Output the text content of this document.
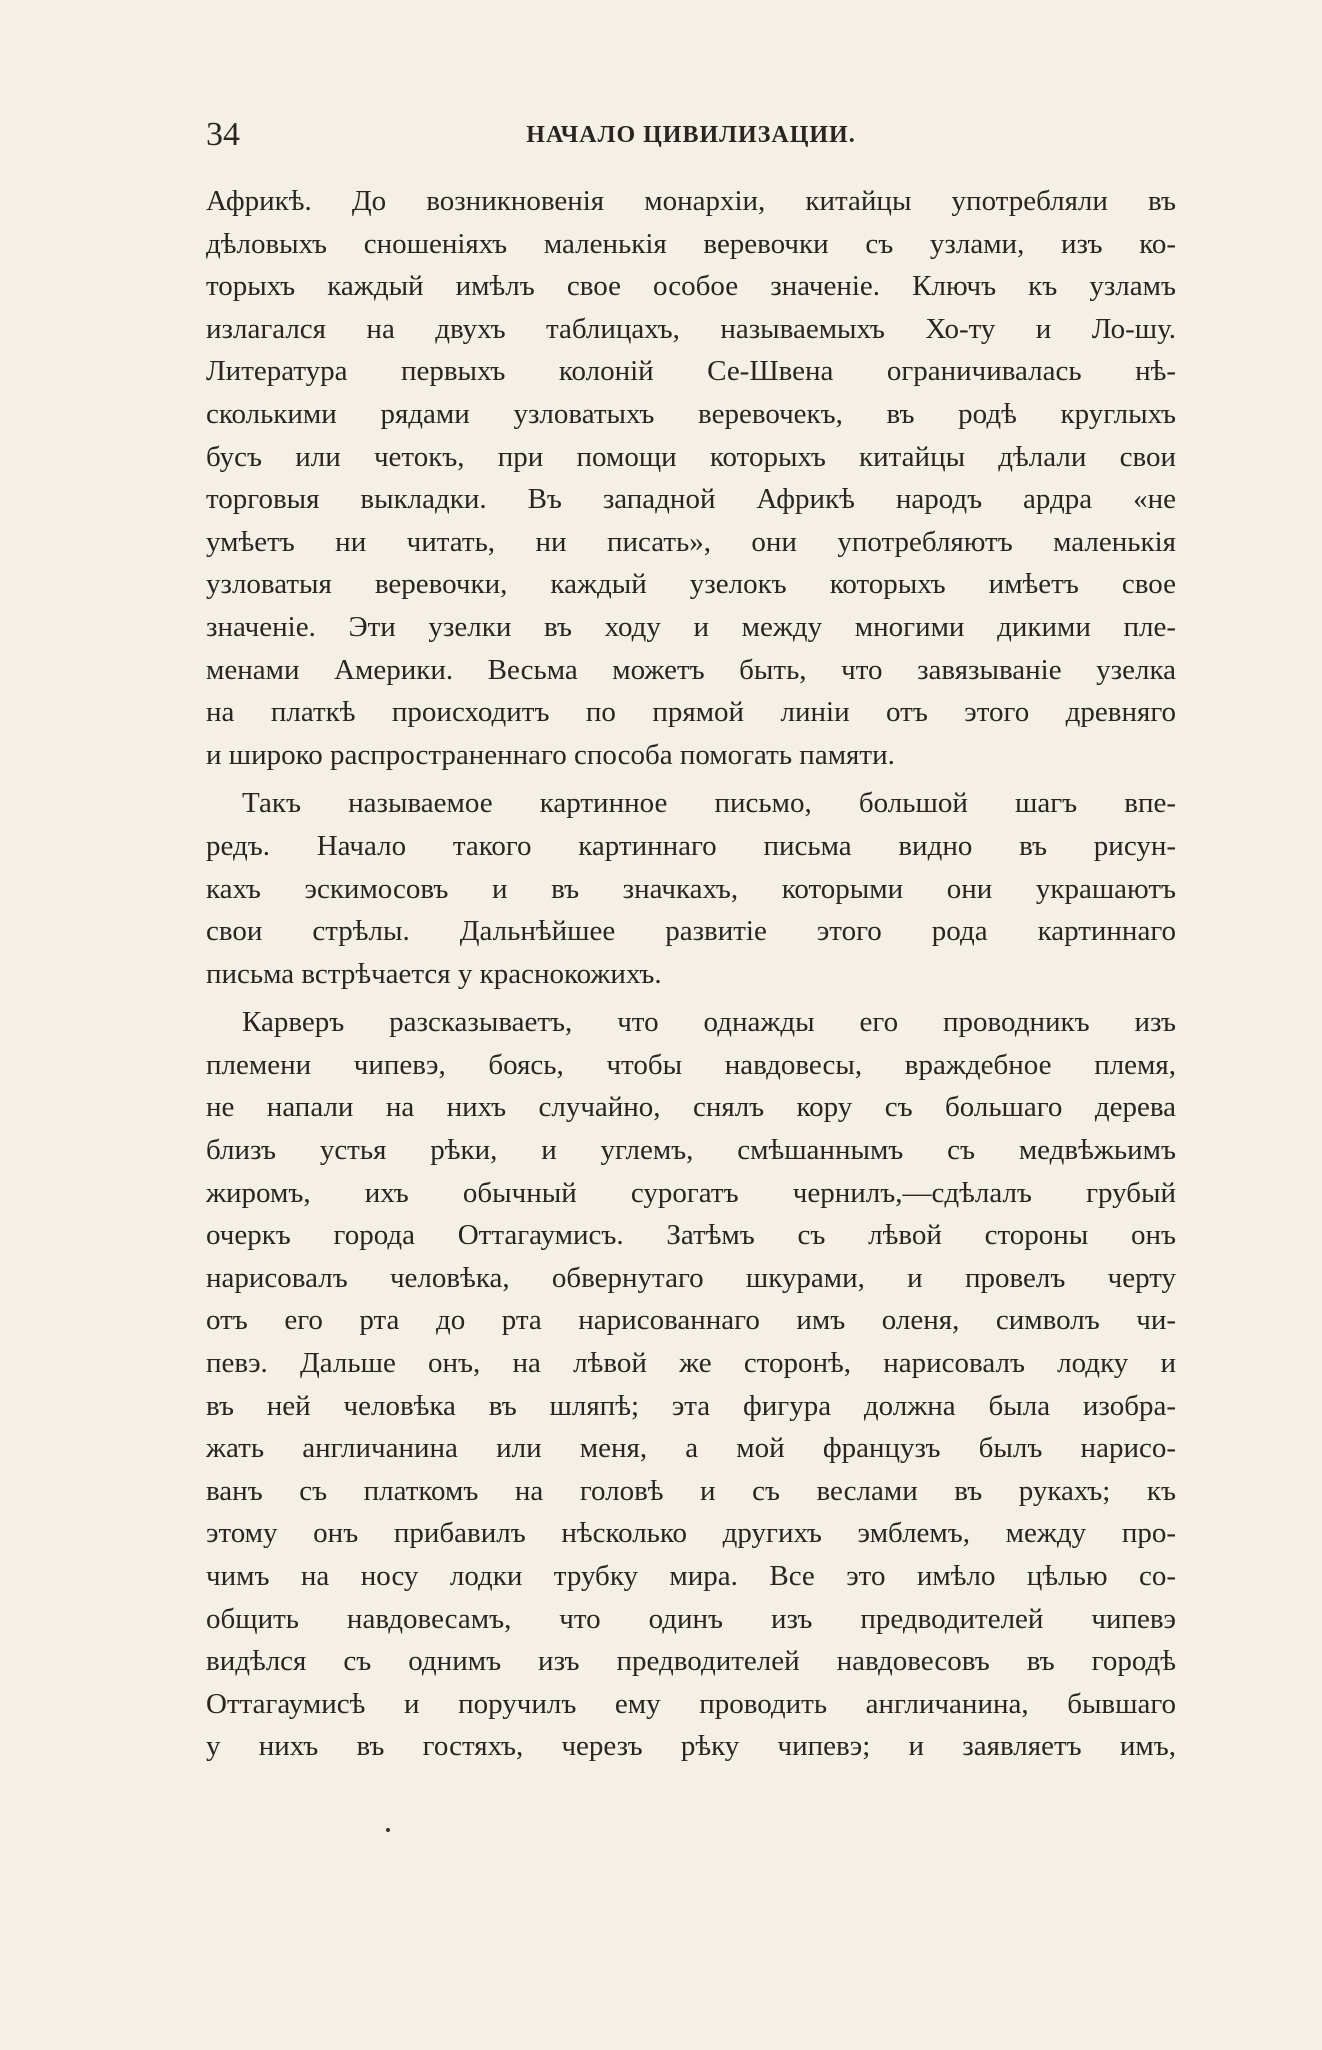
34	НАЧАЛО ЦИВИЛИЗАЦИИ.
Африкѣ. До возникновенія монархіи, китайцы употребляли въ
дѣловыхъ сношеніяхъ маленькія веревочки съ узлами, изъ ко-
торыхъ каждый имѣлъ свое особое значеніе. Ключъ къ узламъ
излагался на двухъ таблицахъ, называемыхъ Хо-ту и Ло-шу.
Литература первыхъ колоній Се-Швена ограничивалась нѣ-
сколькими рядами узловатыхъ веревочекъ, въ родѣ круглыхъ
бусъ или четокъ, при помощи которыхъ китайцы дѣлали свои
торговыя выкладки. Въ западной Африкѣ народъ ардра «не
умѣетъ ни читать, ни писать», они употребляютъ маленькія
узловатыя веревочки, каждый узелокъ которыхъ имѣетъ свое
значеніе. Эти узелки въ ходу и между многими дикими пле-
менами Америки. Весьма можетъ быть, что завязываніе узелка
на платкѣ происходитъ по прямой линіи отъ этого древняго
и широко распространеннаго способа помогать памяти.
Такъ называемое картинное письмо, большой шагъ впе-
редъ. Начало такого картиннаго письма видно въ рисун-
кахъ эскимосовъ и въ значкахъ, которыми они украшаютъ
свои стрѣлы. Дальнѣйшее развитіе этого рода картиннаго
письма встрѣчается у краснокожихъ.
Карверъ разсказываетъ, что однажды его проводникъ изъ
племени чипевэ, боясь, чтобы навдовесы, враждебное племя,
не напали на нихъ случайно, снялъ кору съ большаго дерева
близъ устья рѣки, и углемъ, смѣшаннымъ съ медвѣжьимъ
жиромъ, ихъ обычный сурогатъ чернилъ,—сдѣлалъ грубый
очеркъ города Оттагаумисъ. Затѣмъ съ лѣвой стороны онъ
нарисовалъ человѣка, обвернутаго шкурами, и провелъ черту
отъ его рта до рта нарисованнаго имъ оленя, символъ чи-
певэ. Дальше онъ, на лѣвой же сторонѣ, нарисовалъ лодку и
въ ней человѣка въ шляпѣ; эта фигура должна была изобра-
жать англичанина или меня, а мой французъ былъ нарисо-
ванъ съ платкомъ на головѣ и съ веслами въ рукахъ; къ
этому онъ прибавилъ нѣсколько другихъ эмблемъ, между про-
чимъ на носу лодки трубку мира. Все это имѣло цѣлью со-
общить навдовесамъ, что одинъ изъ предводителей чипевэ
видѣлся съ однимъ изъ предводителей навдовесовъ въ городѣ
Оттагаумисѣ и поручилъ ему проводить англичанина, бывшаго
у нихъ въ гостяхъ, черезъ рѣку чипевэ; и заявляетъ имъ,
